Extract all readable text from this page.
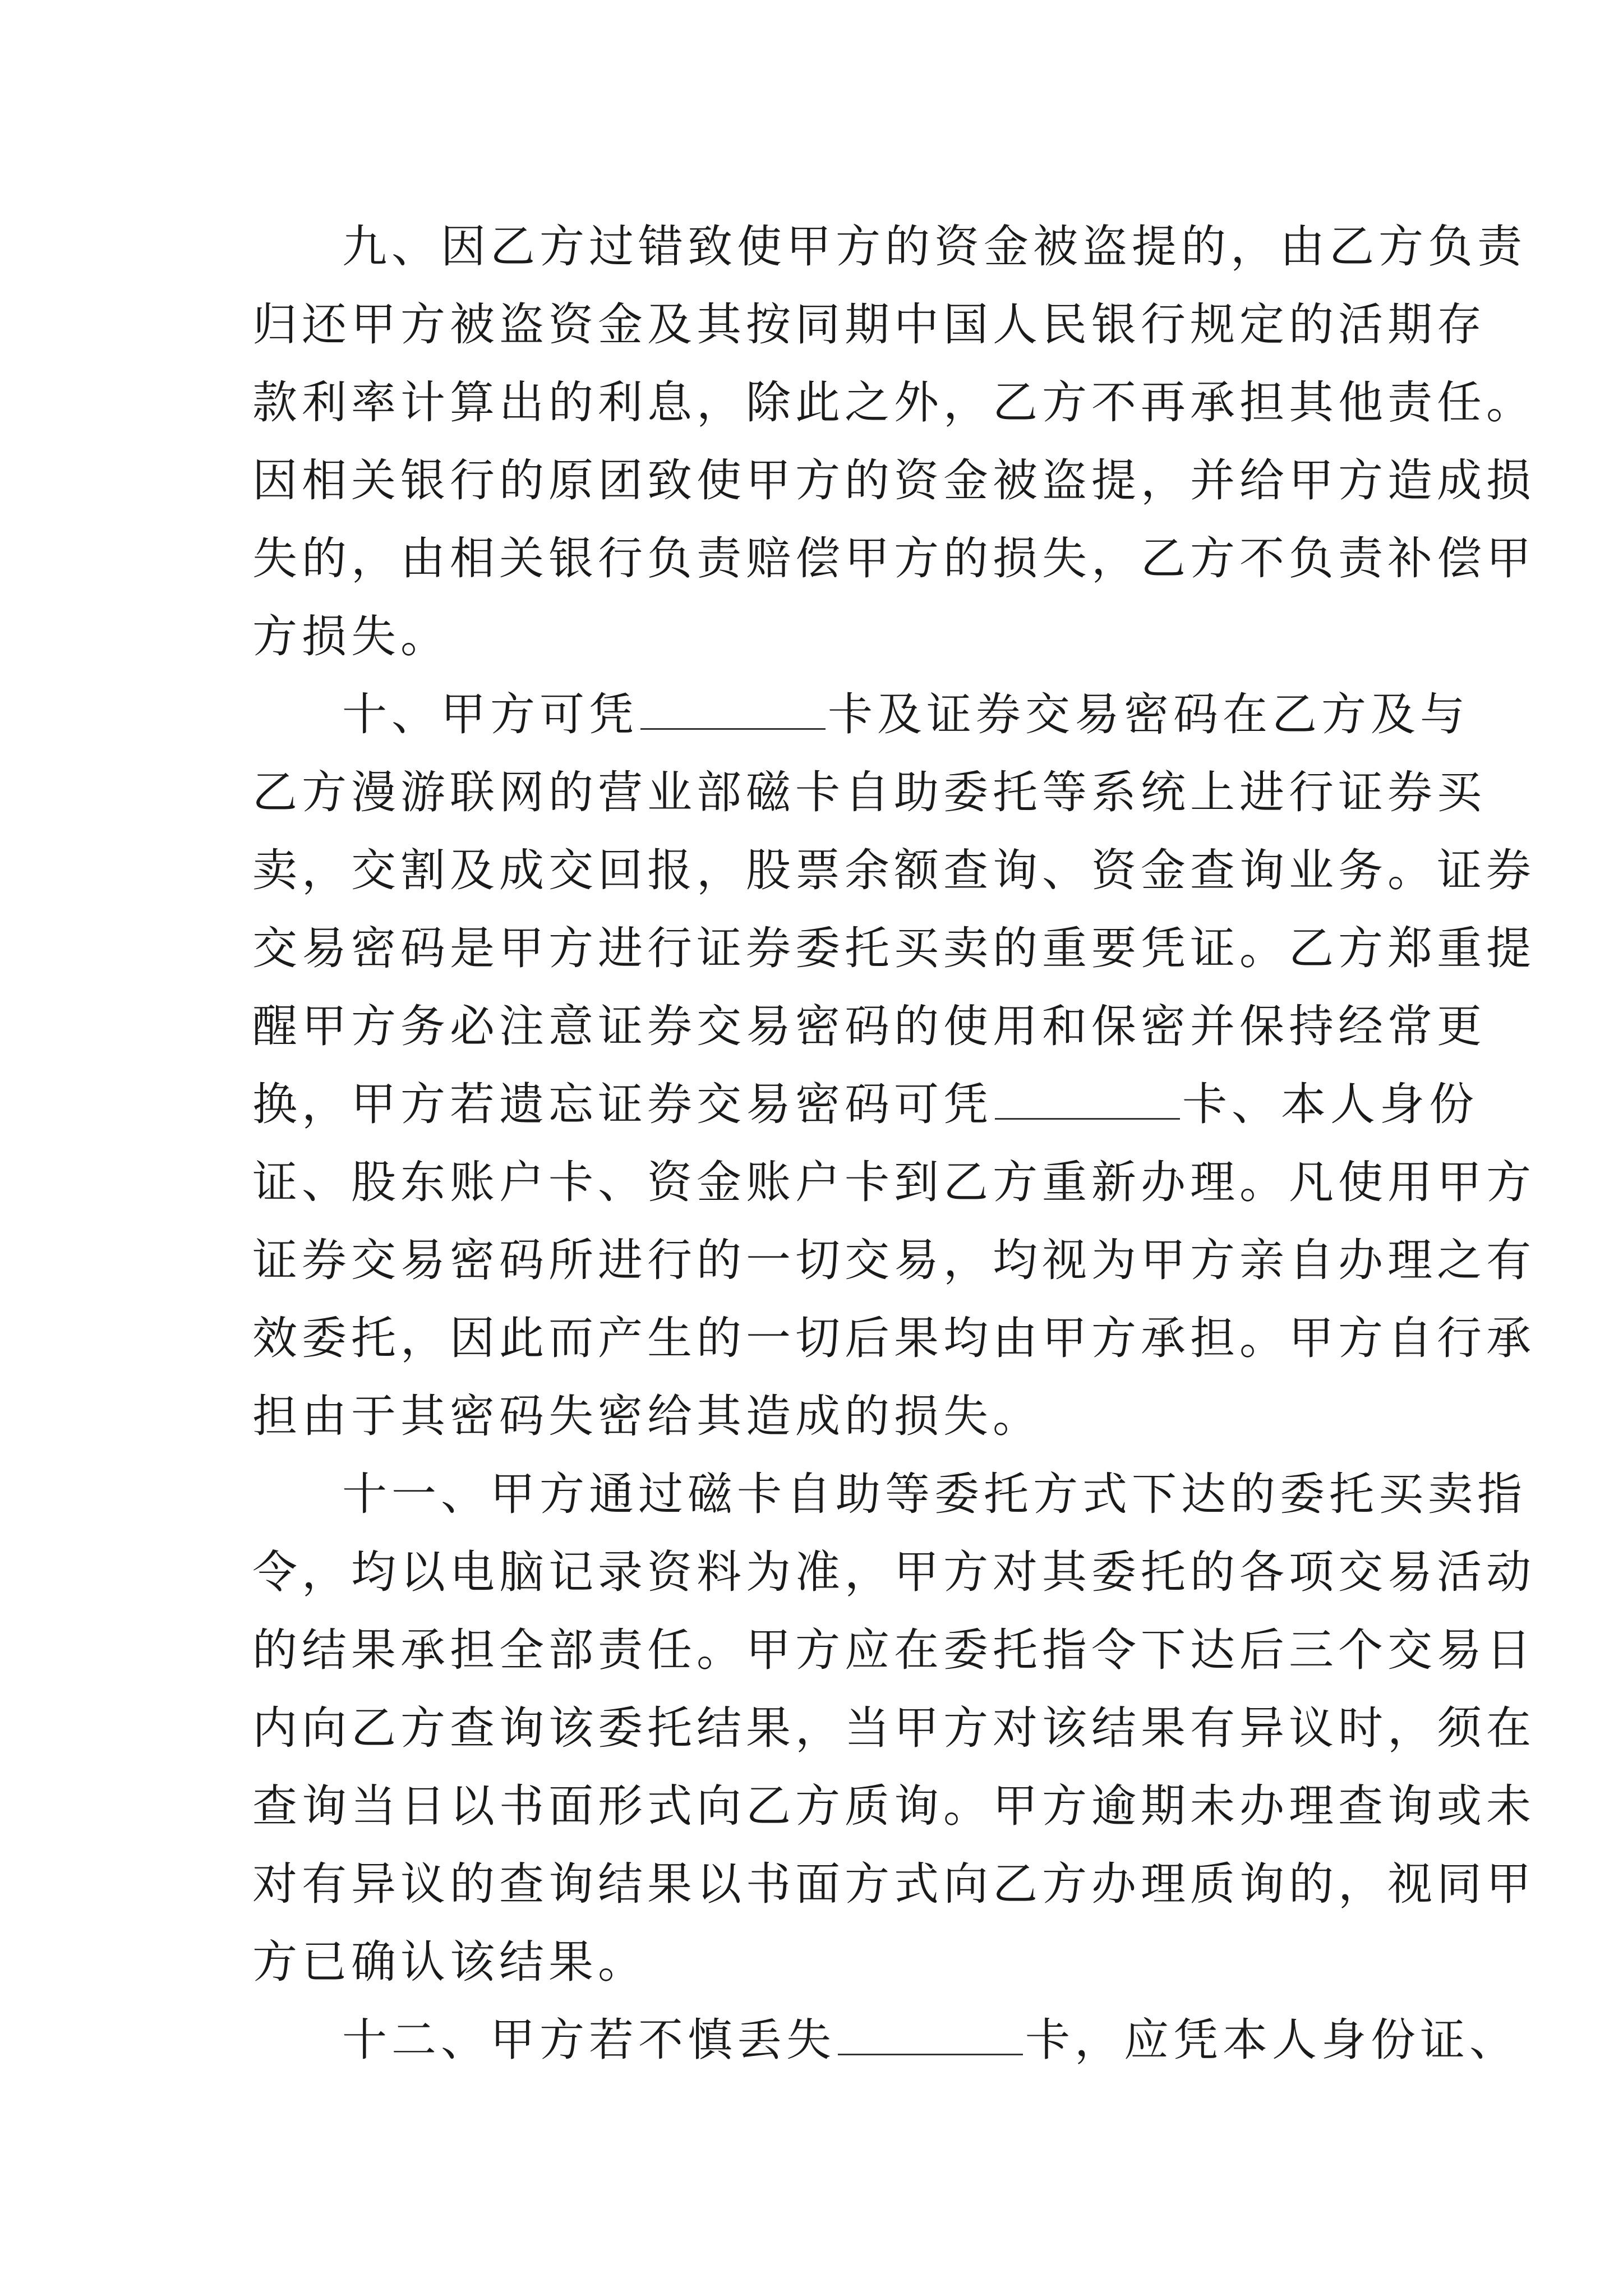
九、因乙方过错致使甲方的资金被盗提的，由乙方负责
归还甲方被盗资金及其按同期中国人民银行规定的活期存
款利率计算出的利息，除此之外，乙方不再承担其他责任。
因相关银行的原团致使甲方的资金被盗提，并给甲方造成损
失的，由相关银行负责赔偿甲方的损失，乙方不负责补偿甲
方损失。
十、甲方可凭	卡及证券交易密码在乙方及与
乙方漫游联网的营业部磁卡自助委托等系统上进行证券买
卖，交割及成交回报，股票余额查询、资金查询业务。证券
交易密码是甲方进行证券委托买卖的重要凭证。乙方郑重提
醒甲方务必注意证券交易密码的使用和保密并保持经常更
换，甲方若遗忘证券交易密码可凭	卡、本人身份
证、股东账户卡、资金账户卡到乙方重新办理。凡使用甲方
证券交易密码所进行的一切交易，均视为甲方亲自办理之有
效委托，因此而产生的一切后果均由甲方承担。甲方自行承
担由于其密码失密给其造成的损失。
十一、甲方通过磁卡自助等委托方式下达的委托买卖指
令，均以电脑记录资料为准，甲方对其委托的各项交易活动
的结果承担全部责任。甲方应在委托指令下达后三个交易日
内向乙方查询该委托结果，当甲方对该结果有异议时，须在
查询当日以书面形式向乙方质询。甲方逾期未办理查询或未
对有异议的查询结果以书面方式向乙方办理质询的，视同甲
方已确认该结果。
十二、甲方若不慎丢失	卡，应凭本人身份证、
